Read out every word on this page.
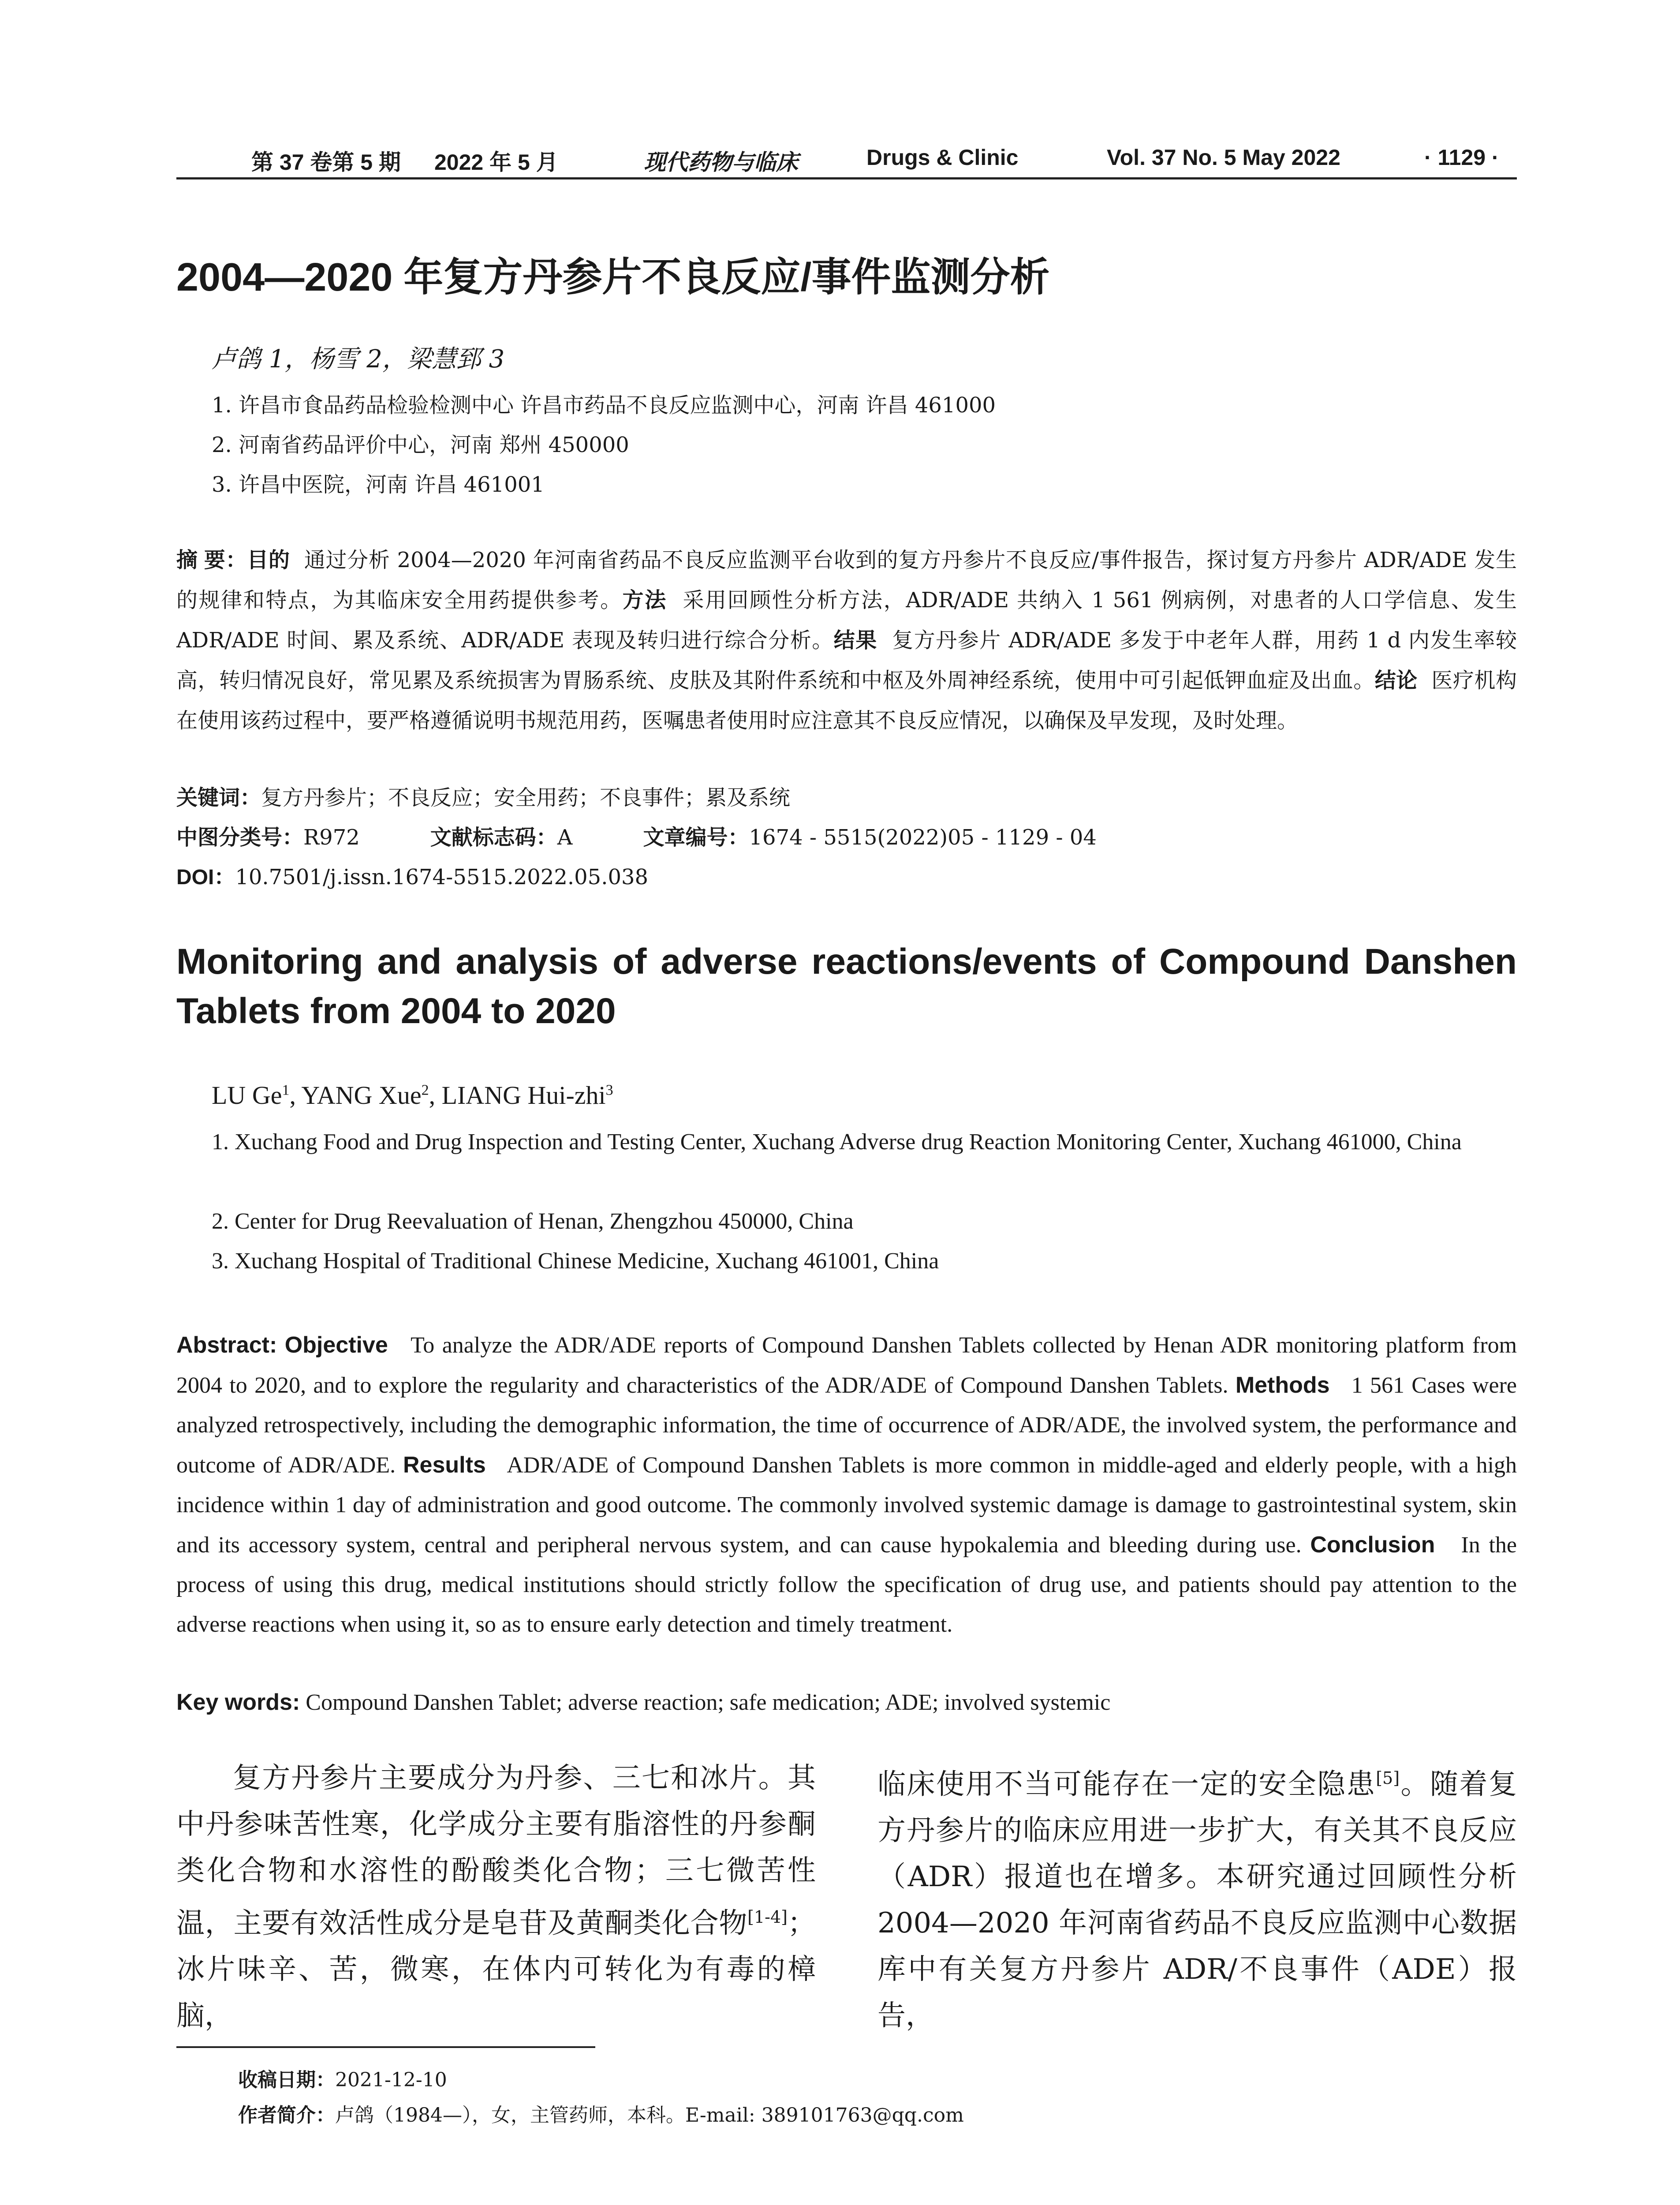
第 37 卷第 5 期 2022 年 5 月	现代药物与临床	Drugs & Clinic	Vol. 37 No. 5 May 2022	· 1129 ·
2004—2020 年复方丹参片不良反应/事件监测分析
卢鸽 1，杨雪 2，梁慧郅 3
1. 许昌市食品药品检验检测中心 许昌市药品不良反应监测中心，河南 许昌 461000
2. 河南省药品评价中心，河南 郑州 450000
3. 许昌中医院，河南 许昌 461001
摘 要：目的 通过分析 2004—2020 年河南省药品不良反应监测平台收到的复方丹参片不良反应/事件报告，探讨复方丹参片 ADR/ADE 发生的规律和特点，为其临床安全用药提供参考。方法 采用回顾性分析方法，ADR/ADE 共纳入 1 561 例病例，对患者的人口学信息、发生 ADR/ADE 时间、累及系统、ADR/ADE 表现及转归进行综合分析。结果 复方丹参片 ADR/ADE 多发于中老年人群，用药 1 d 内发生率较高，转归情况良好，常见累及系统损害为胃肠系统、皮肤及其附件系统和中枢及外周神经系统，使用中可引起低钾血症及出血。结论 医疗机构在使用该药过程中，要严格遵循说明书规范用药，医嘱患者使用时应注意其不良反应情况，以确保及早发现，及时处理。
关键词：复方丹参片；不良反应；安全用药；不良事件；累及系统
中图分类号：R972	文献标志码：A	文章编号：1674 - 5515(2022)05 - 1129 - 04
DOI：10.7501/j.issn.1674-5515.2022.05.038
Monitoring and analysis of adverse reactions/events of Compound Danshen Tablets from 2004 to 2020
LU Ge$^1$, YANG Xue$^2$, LIANG Hui-zhi$^3$
1. Xuchang Food and Drug Inspection and Testing Center, Xuchang Adverse drug Reaction Monitoring Center, Xuchang 461000, China
2. Center for Drug Reevaluation of Henan, Zhengzhou 450000, China
3. Xuchang Hospital of Traditional Chinese Medicine, Xuchang 461001, China
Abstract: Objective To analyze the ADR/ADE reports of Compound Danshen Tablets collected by Henan ADR monitoring platform from 2004 to 2020, and to explore the regularity and characteristics of the ADR/ADE of Compound Danshen Tablets. Methods 1 561 Cases were analyzed retrospectively, including the demographic information, the time of occurrence of ADR/ADE, the involved system, the performance and outcome of ADR/ADE. Results ADR/ADE of Compound Danshen Tablets is more common in middle-aged and elderly people, with a high incidence within 1 day of administration and good outcome. The commonly involved systemic damage is damage to gastrointestinal system, skin and its accessory system, central and peripheral nervous system, and can cause hypokalemia and bleeding during use. Conclusion In the process of using this drug, medical institutions should strictly follow the specification of drug use, and patients should pay attention to the adverse reactions when using it, so as to ensure early detection and timely treatment.
Key words: Compound Danshen Tablet; adverse reaction; safe medication; ADE; involved systemic
复方丹参片主要成分为丹参、三七和冰片。其中丹参味苦性寒，化学成分主要有脂溶性的丹参酮类化合物和水溶性的酚酸类化合物；三七微苦性温，主要有效活性成分是皂苷及黄酮类化合物[1-4]；冰片味辛、苦，微寒，在体内可转化为有毒的樟脑，
临床使用不当可能存在一定的安全隐患[5]。随着复方丹参片的临床应用进一步扩大，有关其不良反应（ADR）报道也在增多。本研究通过回顾性分析 2004—2020 年河南省药品不良反应监测中心数据库中有关复方丹参片 ADR/不良事件（ADE）报告，
收稿日期：2021-12-10
作者简介：卢鸽（1984—），女，主管药师，本科。E-mail: 389101763@qq.com
